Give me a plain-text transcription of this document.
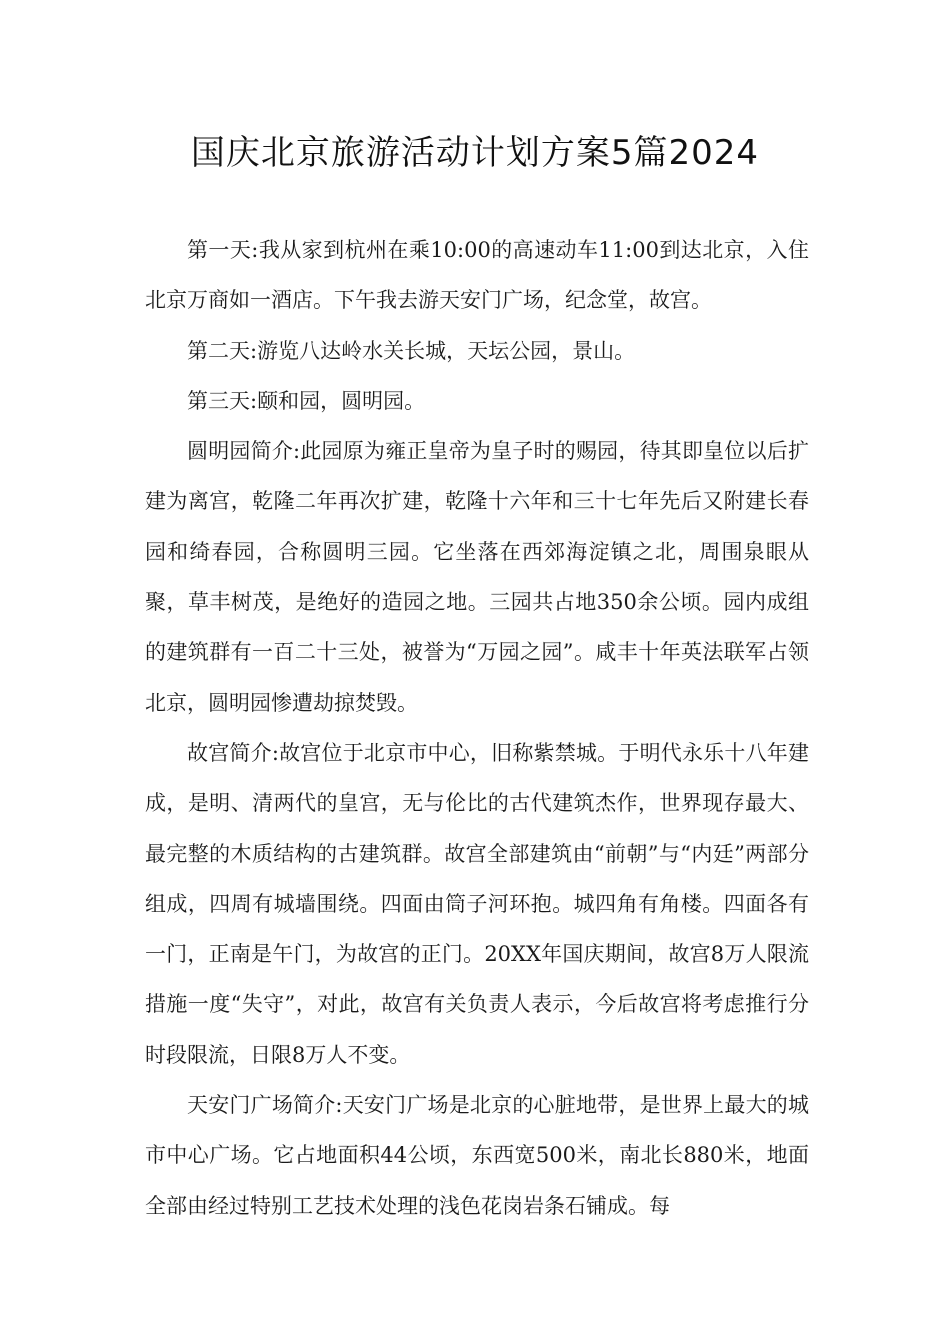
国庆北京旅游活动计划方案5篇2024

第一天:我从家到杭州在乘10:00的高速动车11:00到达北京，入住北京万商如一酒店。下午我去游天安门广场，纪念堂，故宫。

第二天:游览八达岭水关长城，天坛公园，景山。

第三天:颐和园，圆明园。

圆明园简介:此园原为雍正皇帝为皇子时的赐园，待其即皇位以后扩建为离宫，乾隆二年再次扩建，乾隆十六年和三十七年先后又附建长春园和绮春园，合称圆明三园。它坐落在西郊海淀镇之北，周围泉眼从聚，草丰树茂，是绝好的造园之地。三园共占地350余公顷。园内成组的建筑群有一百二十三处，被誉为“万园之园”。咸丰十年英法联军占领北京，圆明园惨遭劫掠焚毁。

故宫简介:故宫位于北京市中心，旧称紫禁城。于明代永乐十八年建成，是明、清两代的皇宫，无与伦比的古代建筑杰作，世界现存最大、最完整的木质结构的古建筑群。故宫全部建筑由“前朝”与“内廷”两部分组成，四周有城墙围绕。四面由筒子河环抱。城四角有角楼。四面各有一门，正南是午门，为故宫的正门。20XX年国庆期间，故宫8万人限流措施一度“失守”，对此，故宫有关负责人表示，今后故宫将考虑推行分时段限流，日限8万人不变。

天安门广场简介:天安门广场是北京的心脏地带，是世界上最大的城市中心广场。它占地面积44公顷，东西宽500米，南北长880米，地面全部由经过特别工艺技术处理的浅色花岗岩条石铺成。每
